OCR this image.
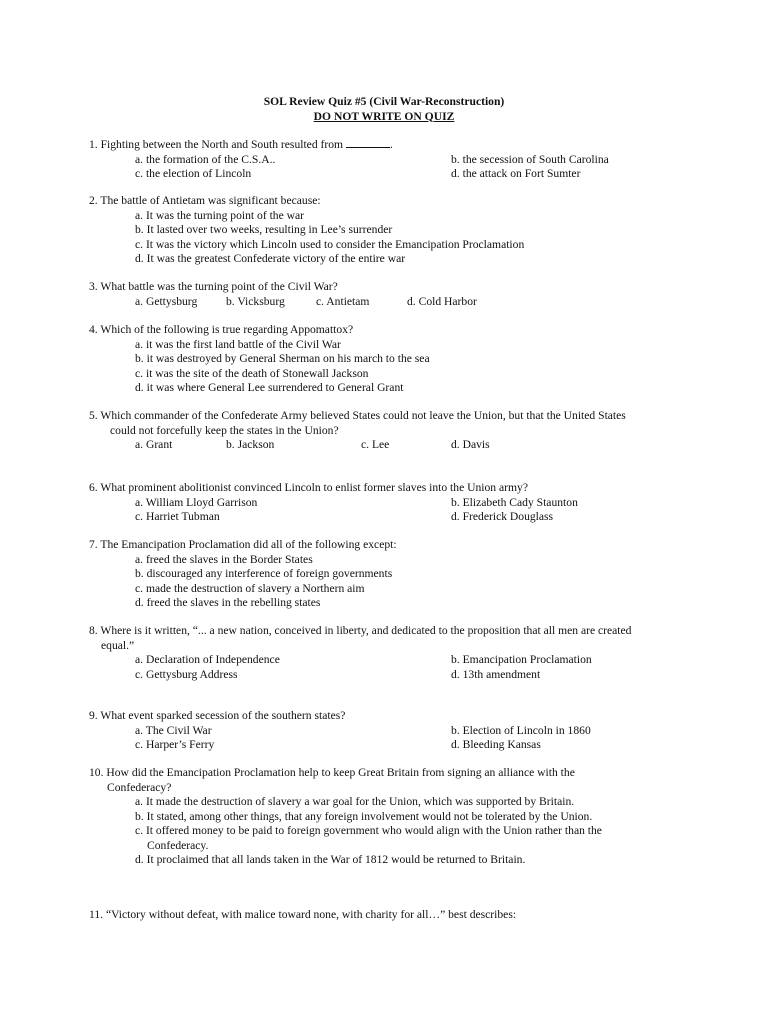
SOL Review Quiz #5 (Civil War-Reconstruction)
DO NOT WRITE ON QUIZ
1. Fighting between the North and South resulted from	.
a. the formation of the C.S.A..	b. the secession of South Carolina
c. the election of Lincoln	d. the attack on Fort Sumter
2. The battle of Antietam was significant because:
a. It was the turning point of the war
b. It lasted over two weeks, resulting in Lee’s surrender
c. It was the victory which Lincoln used to consider the Emancipation Proclamation
d. It was the greatest Confederate victory of the entire war
3. What battle was the turning point of the Civil War?
a. Gettysburg b. Vicksburg	c. Antietam	d. Cold Harbor
4. Which of the following is true regarding Appomattox?
a. it was the first land battle of the Civil War
b. it was destroyed by General Sherman on his march to the sea
c. it was the site of the death of Stonewall Jackson
d. it was where General Lee surrendered to General Grant
5. Which commander of the Confederate Army believed States could not leave the Union, but that the United States
could not forcefully keep the states in the Union?
a. Grant	b. Jackson	c. Lee	d. Davis
6. What prominent abolitionist convinced Lincoln to enlist former slaves into the Union army?
a. William Lloyd Garrison	b. Elizabeth Cady Staunton
c. Harriet Tubman	d. Frederick Douglass
7. The Emancipation Proclamation did all of the following except:
a. freed the slaves in the Border States
b. discouraged any interference of foreign governments
c. made the destruction of slavery a Northern aim
d. freed the slaves in the rebelling states
8. Where is it written, “... a new nation, conceived in liberty, and dedicated to the proposition that all men are created
equal.”
a. Declaration of Independence	b. Emancipation Proclamation
c. Gettysburg Address	d. 13th amendment
9. What event sparked secession of the southern states?
a. The Civil War	b. Election of Lincoln in 1860
c. Harper’s Ferry	d. Bleeding Kansas
10. How did the Emancipation Proclamation help to keep Great Britain from signing an alliance with the
Confederacy?
a. It made the destruction of slavery a war goal for the Union, which was supported by Britain.
b. It stated, among other things, that any foreign involvement would not be tolerated by the Union.
c. It offered money to be paid to foreign government who would align with the Union rather than the
Confederacy.
d. It proclaimed that all lands taken in the War of 1812 would be returned to Britain.
11. “Victory without defeat, with malice toward none, with charity for all…” best describes:
